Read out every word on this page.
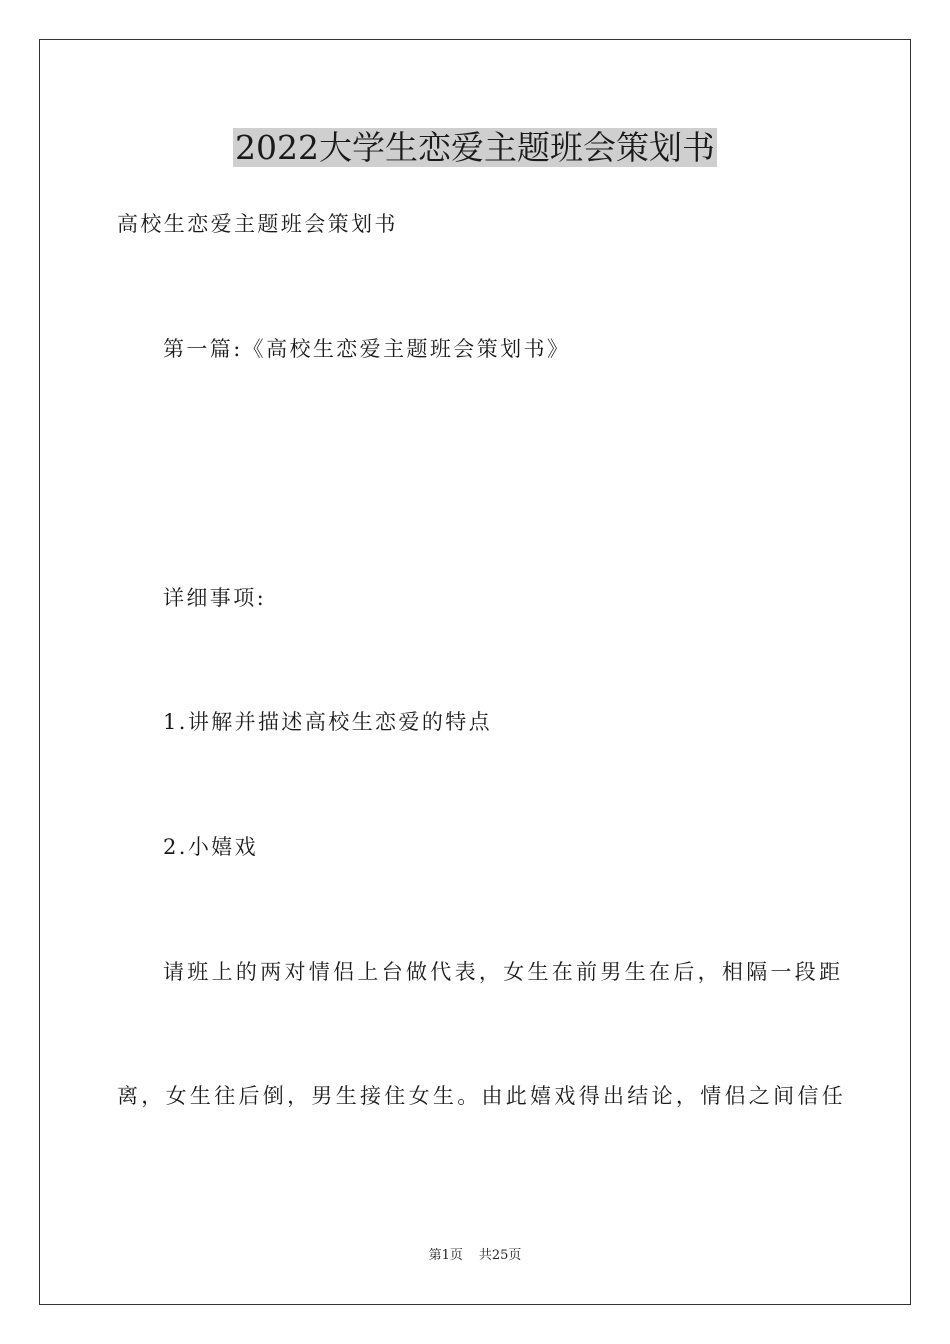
2022大学生恋爱主题班会策划书

高校生恋爱主题班会策划书

第一篇:《高校生恋爱主题班会策划书》

详细事项:

1.讲解并描述高校生恋爱的特点

2.小嬉戏

请班上的两对情侣上台做代表，女生在前男生在后，相隔一段距

离，女生往后倒，男生接住女生。由此嬉戏得出结论，情侣之间信任

第1页 共25页
